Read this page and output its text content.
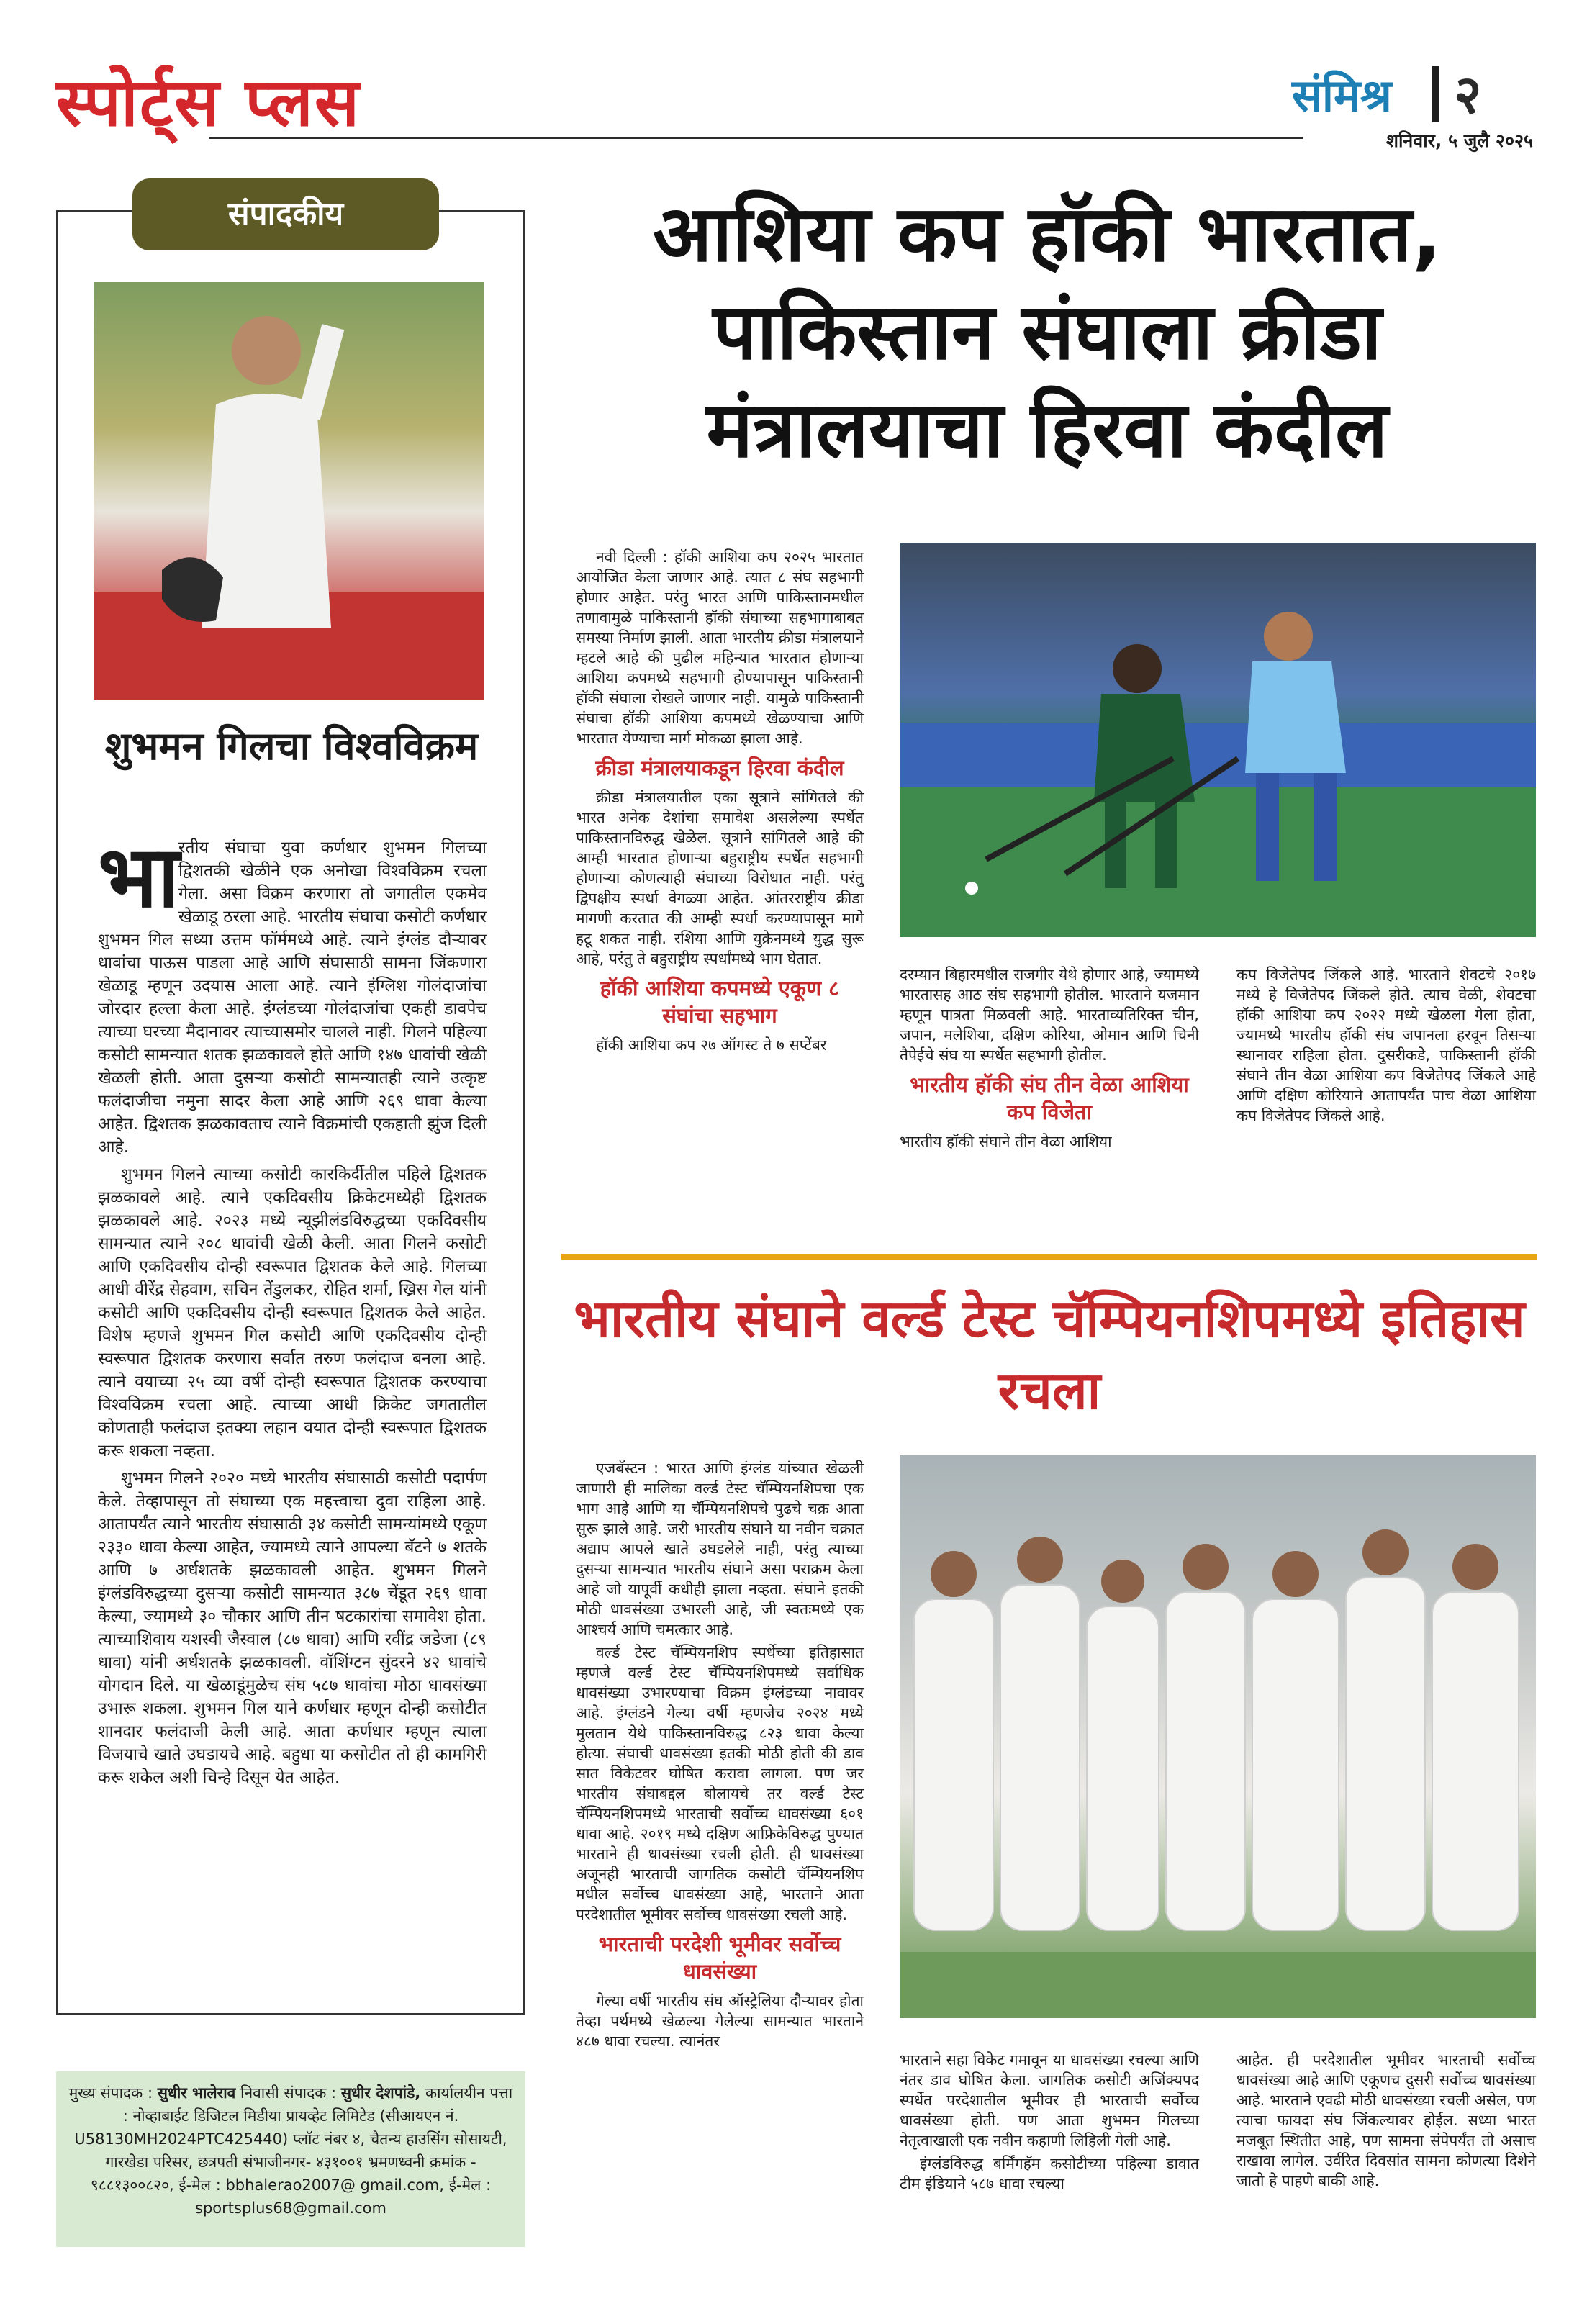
स्पोर्ट्स प्लस	संमिश्र	२
शनिवार, ५ जुलै २०२५
संपादकीय
शुभमन गिलचा विश्वविक्रम
भा

रतीय संघाचा युवा कर्णधार शुभमन गिलच्या द्विशतकी खेळीने एक अनोखा विश्वविक्रम रचला गेला. असा विक्रम करणारा तो जगातील एकमेव खेळाडू ठरला आहे. भारतीय संघाचा कसोटी कर्णधार शुभमन गिल सध्या उत्तम फॉर्ममध्ये आहे. त्याने इंग्लंड दौऱ्यावर धावांचा पाऊस पाडला आहे आणि संघासाठी सामना जिंकणारा खेळाडू म्हणून उदयास आला आहे. त्याने इंग्लिश गोलंदाजांचा जोरदार हल्ला केला आहे. इंग्लंडच्या गोलंदाजांचा एकही डावपेच त्याच्या घरच्या मैदानावर त्याच्यासमोर चालले नाही. गिलने पहिल्या कसोटी सामन्यात शतक झळकावले होते आणि १४७ धावांची खेळी खेळली होती. आता दुसऱ्या कसोटी सामन्यातही त्याने उत्कृष्ट फलंदाजीचा नमुना सादर केला आहे आणि २६९ धावा केल्या आहेत. द्विशतक झळकावताच त्याने विक्रमांची एकहाती झुंज दिली आहे.

शुभमन गिलने त्याच्या कसोटी कारकिर्दीतील पहिले द्विशतक झळकावले आहे. त्याने एकदिवसीय क्रिकेटमध्येही द्विशतक झळकावले आहे. २०२३ मध्ये न्यूझीलंडविरुद्धच्या एकदिवसीय सामन्यात त्याने २०८ धावांची खेळी केली. आता गिलने कसोटी आणि एकदिवसीय दोन्ही स्वरूपात द्विशतक केले आहे. गिलच्या आधी वीरेंद्र सेहवाग, सचिन तेंडुलकर, रोहित शर्मा, ख्रिस गेल यांनी कसोटी आणि एकदिवसीय दोन्ही स्वरूपात द्विशतक केले आहेत. विशेष म्हणजे शुभमन गिल कसोटी आणि एकदिवसीय दोन्ही स्वरूपात द्विशतक करणारा सर्वात तरुण फलंदाज बनला आहे. त्याने वयाच्या २५ व्या वर्षी दोन्ही स्वरूपात द्विशतक करण्याचा विश्वविक्रम रचला आहे. त्याच्या आधी क्रिकेट जगतातील कोणताही फलंदाज इतक्या लहान वयात दोन्ही स्वरूपात द्विशतक करू शकला नव्हता.

शुभमन गिलने २०२० मध्ये भारतीय संघासाठी कसोटी पदार्पण केले. तेव्हापासून तो संघाच्या एक महत्त्वाचा दुवा राहिला आहे. आतापर्यंत त्याने भारतीय संघासाठी ३४ कसोटी सामन्यांमध्ये एकूण २३३० धावा केल्या आहेत, ज्यामध्ये त्याने आपल्या बॅटने ७ शतके आणि ७ अर्धशतके झळकावली आहेत. शुभमन गिलने इंग्लंडविरुद्धच्या दुसऱ्या कसोटी सामन्यात ३८७ चेंडूत २६९ धावा केल्या, ज्यामध्ये ३० चौकार आणि तीन षटकारांचा समावेश होता. त्याच्याशिवाय यशस्वी जैस्वाल (८७ धावा) आणि रवींद्र जडेजा (८९ धावा) यांनी अर्धशतके झळकावली. वॉशिंग्टन सुंदरने ४२ धावांचे योगदान दिले. या खेळाडूंमुळेच संघ ५८७ धावांचा मोठा धावसंख्या उभारू शकला. शुभमन गिल याने कर्णधार म्हणून दोन्ही कसोटीत शानदार फलंदाजी केली आहे. आता कर्णधार म्हणून त्याला विजयाचे खाते उघडायचे आहे. बहुधा या कसोटीत तो ही कामगिरी करू शकेल अशी चिन्हे दिसून येत आहेत.

मुख्य संपादक : सुधीर भालेराव निवासी संपादक : सुधीर देशपांडे, कार्यालयीन पत्ता : नोव्हाबाईट डिजिटल मिडीया प्रायव्हेट लिमिटेड (सीआयएन नं. U58130MH2024PTC425440) प्लॉट नंबर ४, चैतन्य हाउसिंग सोसायटी, गारखेडा परिसर, छत्रपती संभाजीनगर- ४३१००१ भ्रमणध्वनी क्रमांक - ९८८१३००८२०, ई-मेल : bbhalerao2007@ gmail.com, ई-मेल : sportsplus68@gmail.com
आशिया कप हॉकी भारतात, पाकिस्तान संघाला क्रीडा मंत्रालयाचा हिरवा कंदील

नवी दिल्ली : हॉकी आशिया कप २०२५ भारतात आयोजित केला जाणार आहे. त्यात ८ संघ सहभागी होणार आहेत. परंतु भारत आणि पाकिस्तानमधील तणावामुळे पाकिस्तानी हॉकी संघाच्या सहभागाबाबत समस्या निर्माण झाली. आता भारतीय क्रीडा मंत्रालयाने म्हटले आहे की पुढील महिन्यात भारतात होणाऱ्या आशिया कपमध्ये सहभागी होण्यापासून पाकिस्तानी हॉकी संघाला रोखले जाणार नाही. यामुळे पाकिस्तानी संघाचा हॉकी आशिया कपमध्ये खेळण्याचा आणि भारतात येण्याचा मार्ग मोकळा झाला आहे.

क्रीडा मंत्रालयाकडून हिरवा कंदील

क्रीडा मंत्रालयातील एका सूत्राने सांगितले की भारत अनेक देशांचा समावेश असलेल्या स्पर्धेत पाकिस्तानविरुद्ध खेळेल. सूत्राने सांगितले आहे की आम्ही भारतात होणाऱ्या बहुराष्ट्रीय स्पर्धेत सहभागी होणाऱ्या कोणत्याही संघाच्या विरोधात नाही. परंतु द्विपक्षीय स्पर्धा वेगळ्या आहेत. आंतरराष्ट्रीय क्रीडा मागणी करतात की आम्ही स्पर्धा करण्यापासून मागे हटू शकत नाही. रशिया आणि युक्रेनमध्ये युद्ध सुरू आहे, परंतु ते बहुराष्ट्रीय स्पर्धांमध्ये भाग घेतात.

हॉकी आशिया कपमध्ये एकूण ८ संघांचा सहभाग

हॉकी आशिया कप २७ ऑगस्ट ते ७ सप्टेंबर

दरम्यान बिहारमधील राजगीर येथे होणार आहे, ज्यामध्ये भारतासह आठ संघ सहभागी होतील. भारताने यजमान म्हणून पात्रता मिळवली आहे. भारताव्यतिरिक्त चीन, जपान, मलेशिया, दक्षिण कोरिया, ओमान आणि चिनी तैपेईचे संघ या स्पर्धेत सहभागी होतील.

भारतीय हॉकी संघ तीन वेळा आशिया कप विजेता

भारतीय हॉकी संघाने तीन वेळा आशिया

कप विजेतेपद जिंकले आहे. भारताने शेवटचे २०१७ मध्ये हे विजेतेपद जिंकले होते. त्याच वेळी, शेवटचा हॉकी आशिया कप २०२२ मध्ये खेळला गेला होता, ज्यामध्ये भारतीय हॉकी संघ जपानला हरवून तिसऱ्या स्थानावर राहिला होता. दुसरीकडे, पाकिस्तानी हॉकी संघाने तीन वेळा आशिया कप विजेतेपद जिंकले आहे आणि दक्षिण कोरियाने आतापर्यंत पाच वेळा आशिया कप विजेतेपद जिंकले आहे.

भारतीय संघाने वर्ल्ड टेस्ट चॅम्पियनशिपमध्ये इतिहास रचला

एजबॅस्टन : भारत आणि इंग्लंड यांच्यात खेळली जाणारी ही मालिका वर्ल्ड टेस्ट चॅम्पियनशिपचा एक भाग आहे आणि या चॅम्पियनशिपचे पुढचे चक्र आता सुरू झाले आहे. जरी भारतीय संघाने या नवीन चक्रात अद्याप आपले खाते उघडलेले नाही, परंतु त्याच्या दुसऱ्या सामन्यात भारतीय संघाने असा पराक्रम केला आहे जो यापूर्वी कधीही झाला नव्हता. संघाने इतकी मोठी धावसंख्या उभारली आहे, जी स्वतःमध्ये एक आश्चर्य आणि चमत्कार आहे.

वर्ल्ड टेस्ट चॅम्पियनशिप स्पर्धेच्या इतिहासात म्हणजे वर्ल्ड टेस्ट चॅम्पियनशिपमध्ये सर्वाधिक धावसंख्या उभारण्याचा विक्रम इंग्लंडच्या नावावर आहे. इंग्लंडने गेल्या वर्षी म्हणजेच २०२४ मध्ये मुलतान येथे पाकिस्तानविरुद्ध ८२३ धावा केल्या होत्या. संघाची धावसंख्या इतकी मोठी होती की डाव सात विकेटवर घोषित करावा लागला. पण जर भारतीय संघाबद्दल बोलायचे तर वर्ल्ड टेस्ट चॅम्पियनशिपमध्ये भारताची सर्वोच्च धावसंख्या ६०१ धावा आहे. २०१९ मध्ये दक्षिण आफ्रिकेविरुद्ध पुण्यात भारताने ही धावसंख्या रचली होती. ही धावसंख्या अजूनही भारताची जागतिक कसोटी चॅम्पियनशिप मधील सर्वोच्च धावसंख्या आहे, भारताने आता परदेशातील भूमीवर सर्वोच्च धावसंख्या रचली आहे.

भारताची परदेशी भूमीवर सर्वोच्च धावसंख्या

गेल्या वर्षी भारतीय संघ ऑस्ट्रेलिया दौऱ्यावर होता तेव्हा पर्थमध्ये खेळल्या गेलेल्या सामन्यात भारताने ४८७ धावा रचल्या. त्यानंतर

भारताने सहा विकेट गमावून या धावसंख्या रचल्या आणि नंतर डाव घोषित केला. जागतिक कसोटी अजिंक्यपद स्पर्धेत परदेशातील भूमीवर ही भारताची सर्वोच्च धावसंख्या होती. पण आता शुभमन गिलच्या नेतृत्वाखाली एक नवीन कहाणी लिहिली गेली आहे.

इंग्लंडविरुद्ध बर्मिंगहॅम कसोटीच्या पहिल्या डावात टीम इंडियाने ५८७ धावा रचल्या

आहेत. ही परदेशातील भूमीवर भारताची सर्वोच्च धावसंख्या आहे आणि एकूणच दुसरी सर्वोच्च धावसंख्या आहे. भारताने एवढी मोठी धावसंख्या रचली असेल, पण त्याचा फायदा संघ जिंकल्यावर होईल. सध्या भारत मजबूत स्थितीत आहे, पण सामना संपेपर्यंत तो असाच राखावा लागेल. उर्वरित दिवसांत सामना कोणत्या दिशेने जातो हे पाहणे बाकी आहे.
